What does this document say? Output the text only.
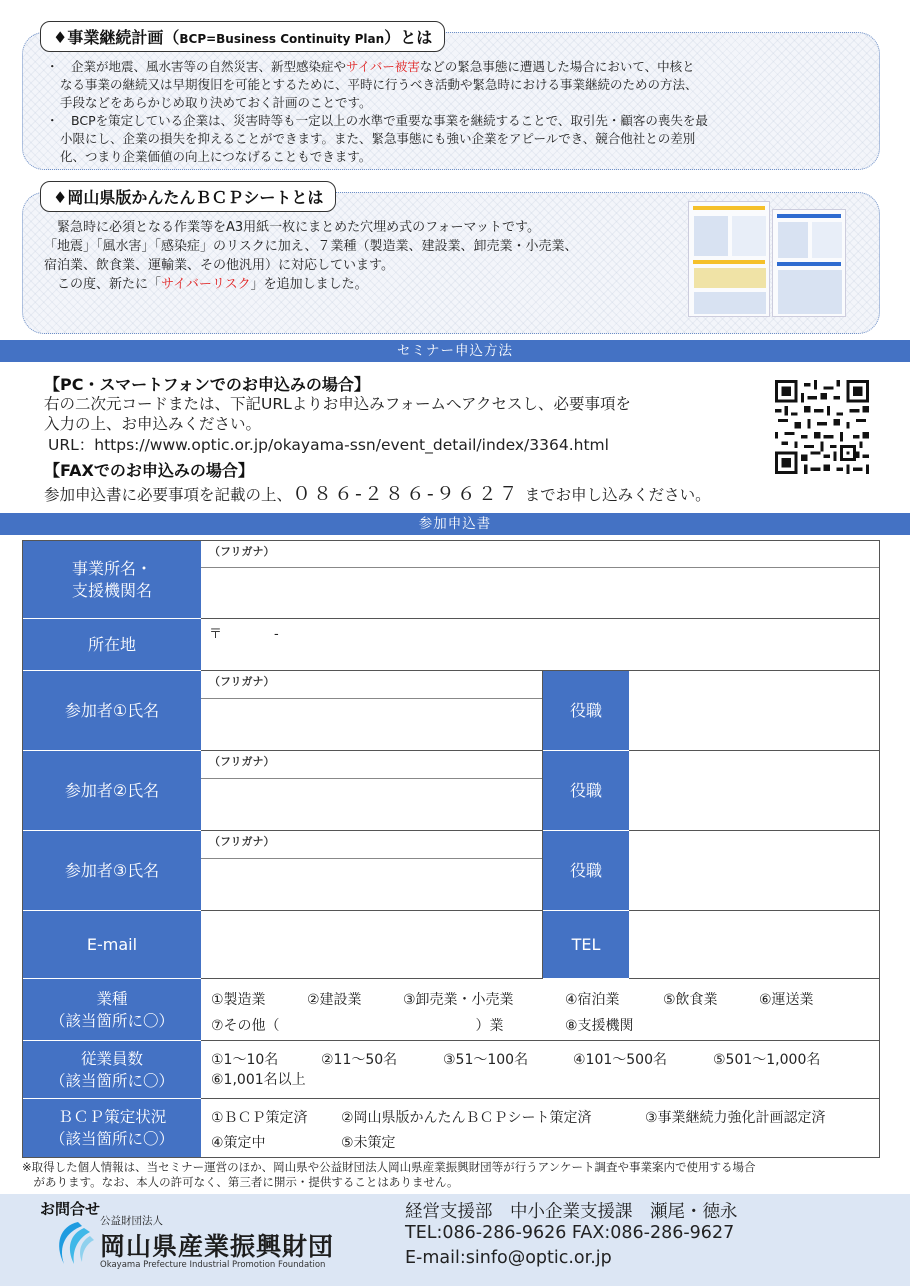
♦事業継続計画（BCP=Business Continuity Plan）とは

・　企業が地震、風水害等の自然災害、新型感染症やサイバー被害などの緊急事態に遭遇した場合において、中核と

なる事業の継続又は早期復旧を可能とするために、平時に行うべき活動や緊急時における事業継続のための方法、

手段などをあらかじめ取り決めておく計画のことです。

・　BCPを策定している企業は、災害時等も一定以上の水準で重要な事業を継続することで、取引先・顧客の喪失を最

小限にし、企業の損失を抑えることができます。また、緊急事態にも強い企業をアピールでき、競合他社との差別

化、つまり企業価値の向上につなげることもできます。

♦岡山県版かんたんＢＣＰシートとは

　緊急時に必須となる作業等をA3用紙一枚にまとめた穴埋め式のフォーマットです。

「地震」「風水害」「感染症」のリスクに加え、７業種（製造業、建設業、卸売業・小売業、

宿泊業、飲食業、運輸業、その他汎用）に対応しています。

　この度、新たに「サイバーリスク」を追加しました。

セミナー申込方法
【PC・スマートフォンでのお申込みの場合】
右の二次元コードまたは、下記URLよりお申込みフォームへアクセスし、必要事項を
入力の上、お申込みください。
URL：https://www.optic.or.jp/okayama-ssn/event_detail/index/3364.html
【FAXでのお申込みの場合】
参加申込書に必要事項を記載の上、０８６-２８６-９６２７ までお申し込みください。
参加申込書
事業所名・
支援機関名
（フリガナ）
所在地	〒　　　　-
参加者①氏名
（フリガナ）
役職
参加者②氏名
（フリガナ）
役職
参加者③氏名
（フリガナ）
役職
E-mail	TEL
業種
（該当箇所に〇）
①製造業	②建設業	③卸売業・小売業	④宿泊業	⑤飲食業	⑥運送業
⑦その他（　　　　　　　　　　　　　　）業	⑧支援機関
従業員数
（該当箇所に〇）
①1～10名	②11～50名	③51～100名	④101～500名	⑤501～1,000名
⑥1,001名以上
ＢＣＰ策定状況
（該当箇所に〇）
①ＢＣＰ策定済 ②岡山県版かんたんＢＣＰシート策定済	③事業継続力強化計画認定済
④策定中	⑤未策定
※取得した個人情報は、当セミナー運営のほか、岡山県や公益財団法人岡山県産業振興財団等が行うアンケート調査や事業案内で使用する場合
　があります。なお、本人の許可なく、第三者に開示・提供することはありません。
お問合せ
公益財団法人
岡山県産業振興財団
Okayama Prefecture Industrial Promotion Foundation
経営支援部　中小企業支援課　瀬尾・徳永
TEL:086-286-9626 FAX:086-286-9627
E-mail:sinfo@optic.or.jp
